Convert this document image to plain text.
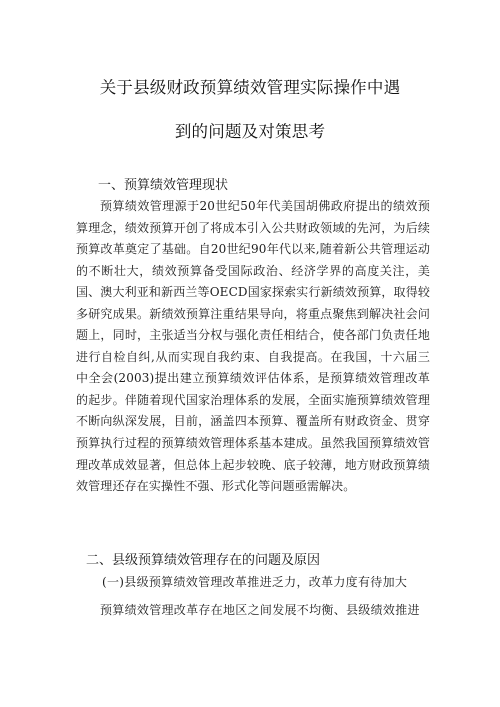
关于县级财政预算绩效管理实际操作中遇
到的问题及对策思考
一、预算绩效管理现状

预算绩效管理源于20世纪50年代美国胡佛政府提出的绩效预算理念，绩效预算开创了将成本引入公共财政领域的先河，为后续预算改革奠定了基础。自20世纪90年代以来,随着新公共管理运动的不断壮大，绩效预算备受国际政治、经济学界的高度关注，美国、澳大利亚和新西兰等OECD国家探索实行新绩效预算，取得较多研究成果。新绩效预算注重结果导向，将重点聚焦到解决社会问题上，同时，主张适当分权与强化责任相结合，使各部门负责任地进行自检自纠,从而实现自我约束、自我提高。在我国，十六届三中全会(2003)提出建立预算绩效评估体系，是预算绩效管理改革的起步。伴随着现代国家治理体系的发展，全面实施预算绩效管理不断向纵深发展，目前，涵盖四本预算、覆盖所有财政资金、贯穿预算执行过程的预算绩效管理体系基本建成。虽然我国预算绩效管理改革成效显著，但总体上起步较晚、底子较薄，地方财政预算绩效管理还存在实操性不强、形式化等问题亟需解决。

二、县级预算绩效管理存在的问题及原因
(一)县级预算绩效管理改革推进乏力，改革力度有待加大

预算绩效管理改革存在地区之间发展不均衡、县级绩效推进
